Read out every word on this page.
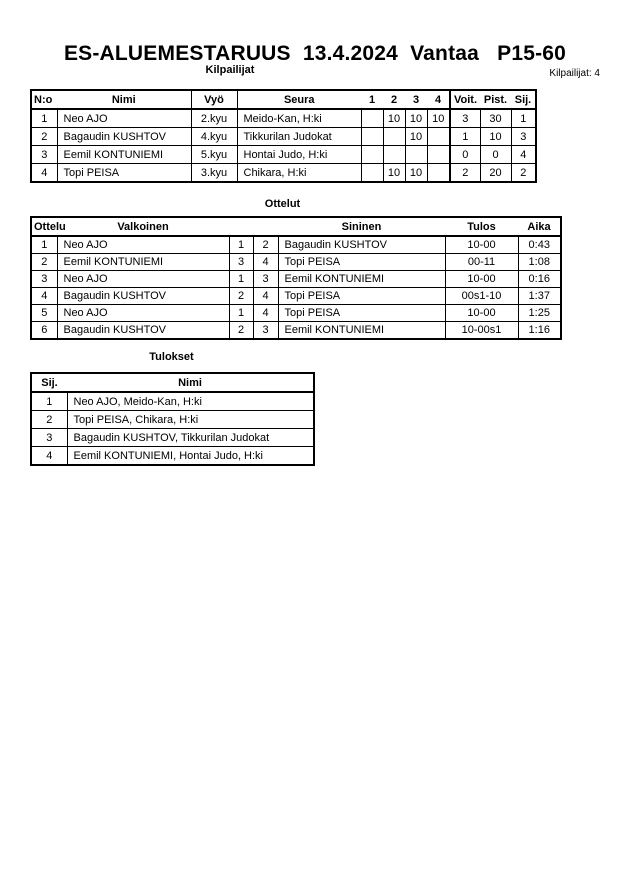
ES-ALUEMESTARUUS  13.4.2024  Vantaa   P15-60
Kilpailijat	Kilpailijat: 4
N:o	Nimi	Vyö	Seura	1	2	3	4	Voit.	Pist.	Sij.
1	Neo AJO	2.kyu	Meido-Kan, H:ki		10	10	10	3	30	1
2	Bagaudin KUSHTOV	4.kyu	Tikkurilan Judokat			10		1	10	3
3	Eemil KONTUNIEMI	5.kyu	Hontai Judo, H:ki					0	0	4
4	Topi PEISA	3.kyu	Chikara, H:ki		10	10		2	20	2
Ottelut
Ottelu	Valkoinen			Sininen	Tulos	Aika
1	Neo AJO	1	2	Bagaudin KUSHTOV	10-00	0:43
2	Eemil KONTUNIEMI	3	4	Topi PEISA	00-11	1:08
3	Neo AJO	1	3	Eemil KONTUNIEMI	10-00	0:16
4	Bagaudin KUSHTOV	2	4	Topi PEISA	00s1-10	1:37
5	Neo AJO	1	4	Topi PEISA	10-00	1:25
6	Bagaudin KUSHTOV	2	3	Eemil KONTUNIEMI	10-00s1	1:16
Tulokset
Sij.	Nimi
1	Neo AJO, Meido-Kan, H:ki
2	Topi PEISA, Chikara, H:ki
3	Bagaudin KUSHTOV, Tikkurilan Judokat
4	Eemil KONTUNIEMI, Hontai Judo, H:ki
